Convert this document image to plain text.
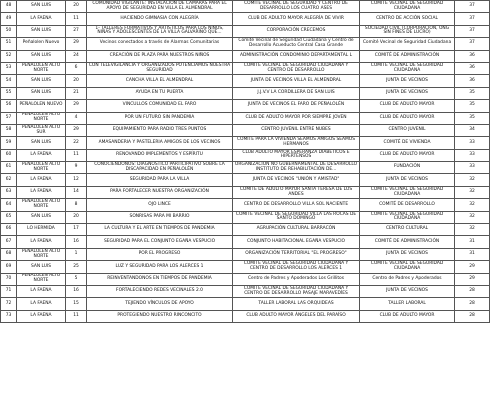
48	SAN LUIS	20	COMUNIDAD VIGILANTE: INSTALACIÓN DE CÁMARAS PARA EL APOYO DE SEGURIDAD EN VILLA EL ALMENDRAL	COMITÉ VECINAL DE SEGURIDAD Y CENTRO DE DESARROLLO LOS CUATRO ASES	COMITÉ VECINAL DE SEGURIDAD CIUDADANA	37
49	LA FAENA	11	HACIENDO GIMNASIA CON ALEGRÍA	CLUB DE ADULTO MAYOR ALEGRÍA DE VIVIR	CENTRO DE ACCIÓN SOCIAL	37
50	SAN LUIS	27	1- TALLERES FORMATIVOS Y ARTÍSTICOS PARA LOS NIÑOS, NIÑAS Y ADOLESCENTES DE LA VILLA GALVARINO QUE...	CORPORACIÓN CRECEMOS	SOCIEDAD CIVIL (CORPORACIÓN, ONG SIN FINES DE LUCRO)	37
51	Peñalolen Nuevo	29	Vecinos conectados a través de Alarmas Comunitarias	Comité Vecinal de Seguridad Ciudadana y Centro de Desarrollo Acueducto Central Casa Grande	Comité Vecinal de Seguridad Ciudadana	37
52	SAN LUIS	24	CREACIÓN DE PLAZA PARA NUESTROS NIÑOS	ADMINISTRACIÓN CONDOMINIO DEPARTAMENTAL L	COMITÉ DE ADMINISTRACIÓN	36
53	PEÑALOLEN ALTO NORTE	6	CON TELEVIGILANCIA Y ORGANIZADOS POTENCIAMOS NUESTRA SEGURIDAD	COMITÉ VECINAL DE SEGURIDAD CIUDADANA Y CENTRO DE DESARROLLO	COMITÉ VECINAL DE SEGURIDAD CIUDADANA	36
54	SAN LUIS	20	CANCHA VILLA EL ALMENDRAL	JUNTA DE VECINOS VILLA EL ALMENDRAL	JUNTA DE VECINOS	36
55	SAN LUIS	21	AYUDA EN TU PUERTA	J.J.V.V LA CORDILLERA DE SAN LUIS	JUNTA DE VECINOS	35
56	PEÑALOLEN NUEVO	29	VINCULLOS COMUNIDAD EL FARO	JUNTA DE VECINOS EL FARO DE PEÑALOLÉN	CLUB DE ADULTO MAYOR	35
57	PEÑALOLEN ALTO NORTE	4	POR UN FUTURO SIN PANDEMIA	CLUB DE ADULTO MAYOR POR SIEMPRE JOVEN	CLUB DE ADULTO MAYOR	35
58	PEÑALOLEN ALTO SUR	29	EQUIPAMIENTO PARA RADIO TRES PUNTOS	CENTRO JUVENIL ENTRE NUBES	CENTRO JUVENIL	34
59	SAN LUIS	22	AMASANDERIA Y PASTELERIA AMIGOS DE LOS VECINOS	COMITÉ PARA LA VIVIENDA SEAMOS AMIGOS SEAMOS HERMANOS	COMITÉ DE VIVIENDA	33
60	LA FAENA	11	RENOVANDO IMPLEMENTOS Y ESPÍRITU	CLUB ADULTO MAYOR ESPERANZA DIABÉTICOS E HIPERTENSOS	CLUB DE ADULTO MAYOR	33
61	PEÑALOLEN ALTO NORTE	9	CONOCIÉNDONOS: DIAGNÓSTICO PARTICIPATIVO SOBRE LA DISCAPACIDAD EN PEÑALOLÉN	ORGANIZACIÓN NO GUBERNAMENTAL DE DESARROLLO INSTITUTO DE REHABILITACIÓN DE...	FUNDACIÓN	33
62	LA FAENA	12	SEGURIDAD PARA LA VILLA	JUNTA DE VECINOS "UNIÓN Y AMISTAD"	JUNTA DE VECINOS	32
63	LA FAENA	14	PARA FORTALECER NUESTRA ORGANIZACIÓN	COMITÉ DE ADULTO MAYOR SANTA TERESA DE LOS ANDES	COMITÉ VECINAL DE SEGURIDAD CIUDADANA	32
64	PEÑALOLEN ALTO NORTE	8	OJO LINCE	CENTRO DE DESARROLLO VILLA SOL NACIENTE	COMITÉ DE DESARROLLO	32
65	SAN LUIS	20	SONRISAS PARA MI BARRIO	COMITÉ VECINAL DE SEGURIDAD VILLA LAS ROCAS DE SANTO DOMINGO	COMITÉ VECINAL DE SEGURIDAD CIUDADANA	32
66	LO HERMIDA	17	LA CULTURA Y EL ARTE EN TIEMPOS DE PANDEMIA	AGRUPACIÓN CULTURAL BARRACÓN	CENTRO CULTURAL	32
67	LA FAENA	16	SEGURIDAD PARA EL CONJUNTO EGAÑA VESPUCIO	CONJUNTO HABITACIONAL EGAÑA VESPUCIO	COMITÉ DE ADMINISTRACIÓN	31
68	PEÑALOLEN ALTO NORTE	1	POR EL PROGRESO	ORGANIZACIÓN TERRITORIAL "EL PROGRESO"	JUNTA DE VECINOS	31
69	SAN LUIS	25	LUZ Y SEGURIDAD PARA LOS ALERCES 1	COMITÉ VECINAL DE SEGURIDAD CIUDADANA Y CENTRO DE DESARROLLO LOS ALERCES 1	COMITÉ VECINAL DE SEGURIDAD CIUDADANA	29
70	PEÑALOLEN ALTO NORTE	5	REINVENTANDONOS EN TIEMPOS DE PANDEMIA	Centro de Padres y Apoderados Los Grillitos	Centro de Padres y Apoderados	29
71	LA FAENA	16	FORTALECIENDO REDES VECINALES 2.0	COMITÉ VECINAL DE SEGURIDAD CIUDADANA Y CENTRO DE DESARROLLO PASAJE MARAVEDÍES	JUNTA DE VECINOS	28
72	LA FAENA	15	TEJIENDO VÍNCULOS DE APOYO	TALLER LABORAL LAS ORQUIDEAS	TALLER LABORAL	28
73	LA FAENA	11	PROTEGIENDO NUESTRO RINCONCITO	CLUB ADULTO MAYOR ÁNGELES DEL PARAÍSO	CLUB DE ADULTO MAYOR	28
